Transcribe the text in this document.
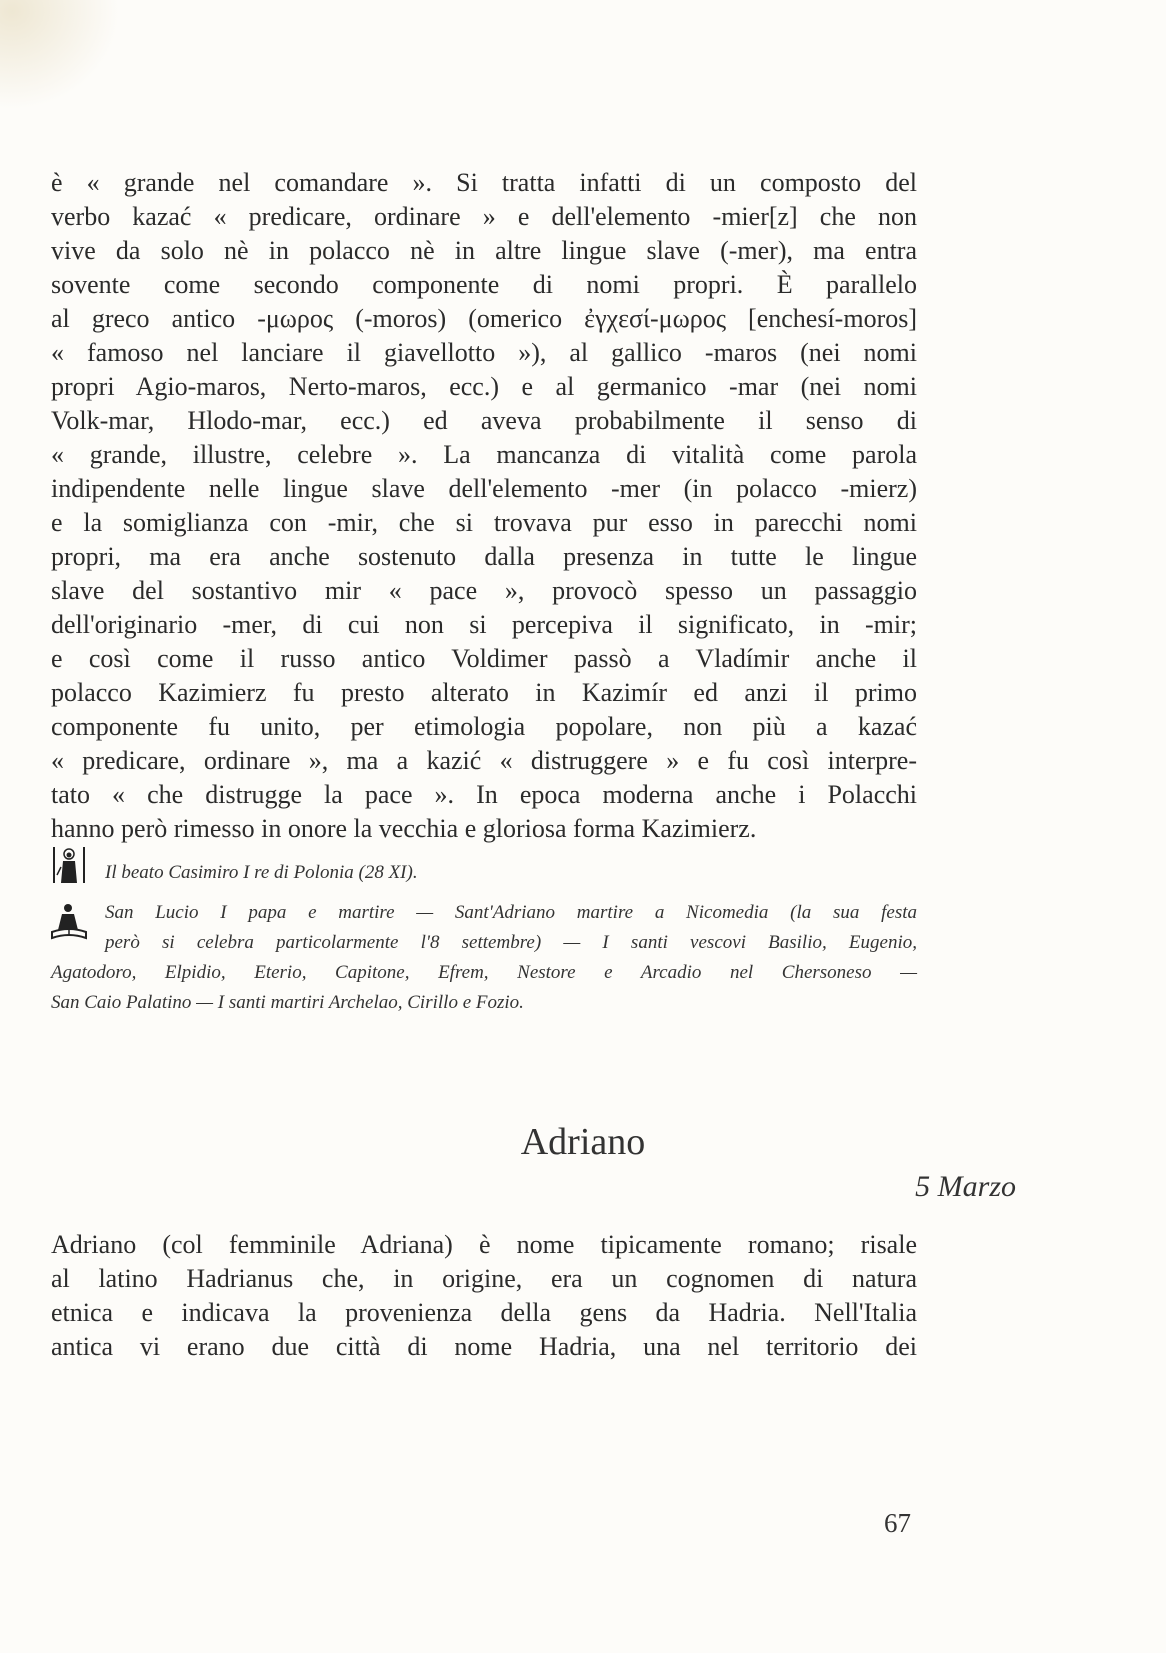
è « grande nel comandare ». Si tratta infatti di un composto del
verbo kazać « predicare, ordinare » e dell'elemento -mier[z] che non
vive da solo nè in polacco nè in altre lingue slave (-mer), ma entra
sovente come secondo componente di nomi propri. È parallelo
al greco antico -μωρος (-moros) (omerico ἐγχεσί-μωρος [enchesí-moros]
« famoso nel lanciare il giavellotto »), al gallico -maros (nei nomi
propri Agio-maros, Nerto-maros, ecc.) e al germanico -mar (nei nomi
Volk-mar, Hlodo-mar, ecc.) ed aveva probabilmente il senso di
« grande, illustre, celebre ». La mancanza di vitalità come parola
indipendente nelle lingue slave dell'elemento -mer (in polacco -mierz)
e la somiglianza con -mir, che si trovava pur esso in parecchi nomi
propri, ma era anche sostenuto dalla presenza in tutte le lingue
slave del sostantivo mir « pace », provocò spesso un passaggio
dell'originario -mer, di cui non si percepiva il significato, in -mir;
e così come il russo antico Voldimer passò a Vladímir anche il
polacco Kazimierz fu presto alterato in Kazimír ed anzi il primo
componente fu unito, per etimologia popolare, non più a kazać
« predicare, ordinare », ma a kazić « distruggere » e fu così interpre-
tato « che distrugge la pace ». In epoca moderna anche i Polacchi
hanno però rimesso in onore la vecchia e gloriosa forma Kazimierz.
Il beato Casimiro I re di Polonia (28 XI).
San Lucio I papa e martire — Sant'Adriano martire a Nicomedia (la sua festa
però si celebra particolarmente l'8 settembre) — I santi vescovi Basilio, Eugenio,
Agatodoro, Elpidio, Eterio, Capitone, Efrem, Nestore e Arcadio nel Chersoneso —
San Caio Palatino — I santi martiri Archelao, Cirillo e Fozio.
Adriano
5 Marzo
Adriano (col femminile Adriana) è nome tipicamente romano; risale
al latino Hadrianus che, in origine, era un cognomen di natura
etnica e indicava la provenienza della gens da Hadria. Nell'Italia
antica vi erano due città di nome Hadria, una nel territorio dei
67
